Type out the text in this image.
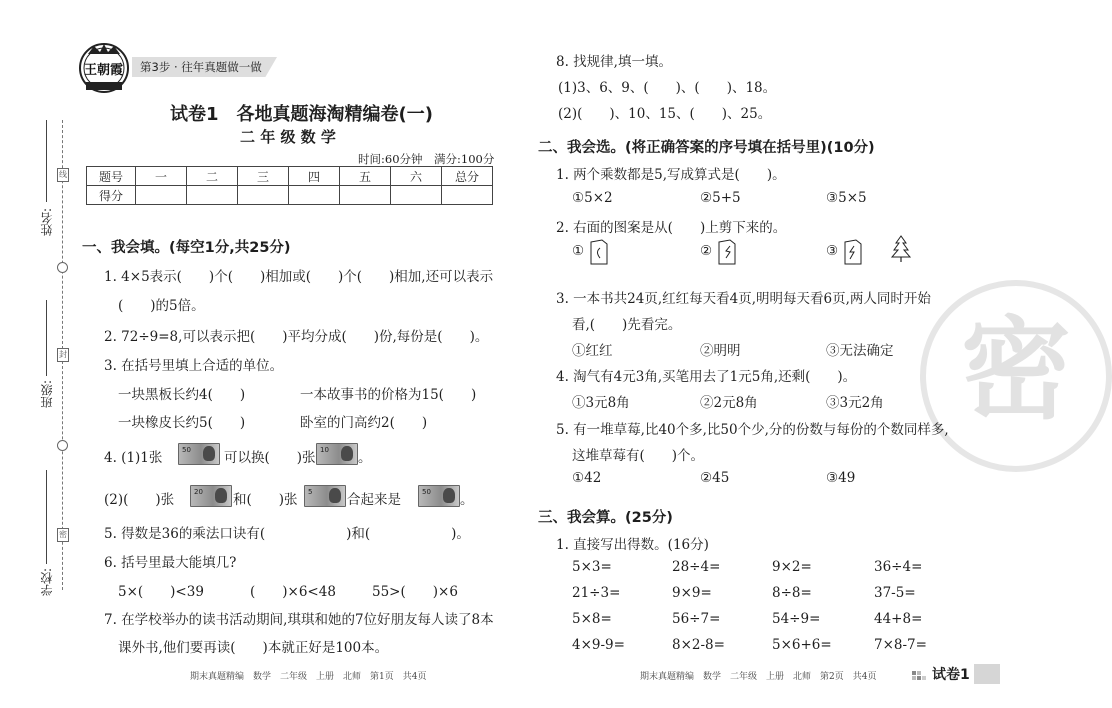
线
封
密
姓名:
班级:
学校:
王朝霞 第3步 · 往年真题做一做
试卷1　各地真题海淘精编卷(一)
二 年 级 数 学
时间:60分钟　满分:100分
题号	一	二	三	四	五	六	总分
得分							
一、我会填。(每空1分,共25分)
1. 4×5表示(　　)个(　　)相加或(　　)个(　　)相加,还可以表示
(　　)的5倍。
2. 72÷9=8,可以表示把(　　)平均分成(　　)份,每份是(　　)。
3. 在括号里填上合适的单位。
一块黑板长约4(　　)	一本故事书的价格为15(　　)
一块橡皮长约5(　　)	卧室的门高约2(　　)
4. (1)1张	50 可以换(　　)张 10 。
(2)(　　)张	20 和(　　)张 5	合起来是	50 。
5. 得数是36的乘法口诀有(　　　　　　)和(　　　　　　)。
6. 括号里最大能填几?
5×(　　)<39	(　　)×6<48	55>(　　)×6
7. 在学校举办的读书活动期间,琪琪和她的7位好朋友每人读了8本
课外书,他们要再读(　　)本就正好是100本。
期末真题精编　数学　二年级　上册　北师　第1页　共4页
密
8. 找规律,填一填。
(1)3、6、9、(　　)、(　　)、18。
(2)(　　)、10、15、(　　)、25。
二、我会选。(将正确答案的序号填在括号里)(10分)
1. 两个乘数都是5,写成算式是(　　)。
①5×2	②5+5	③5×5
2. 右面的图案是从(　　)上剪下来的。
①	②	③
3. 一本书共24页,红红每天看4页,明明每天看6页,两人同时开始
看,(　　)先看完。
①红红	②明明	③无法确定
4. 淘气有4元3角,买笔用去了1元5角,还剩(　　)。
①3元8角	②2元8角	③3元2角
5. 有一堆草莓,比40个多,比50个少,分的份数与每份的个数同样多,
这堆草莓有(　　)个。
①42	②45	③49
三、我会算。(25分)
1. 直接写出得数。(16分)
5×3=	28÷4=	9×2=	36÷4=
21÷3=	9×9=	8÷8=	37-5=
5×8=	56÷7=	54÷9=	44+8=
4×9-9=	8×2-8=	5×6+6=	7×8-7=
期末真题精编　数学　二年级　上册　北师　第2页　共4页	试卷1
